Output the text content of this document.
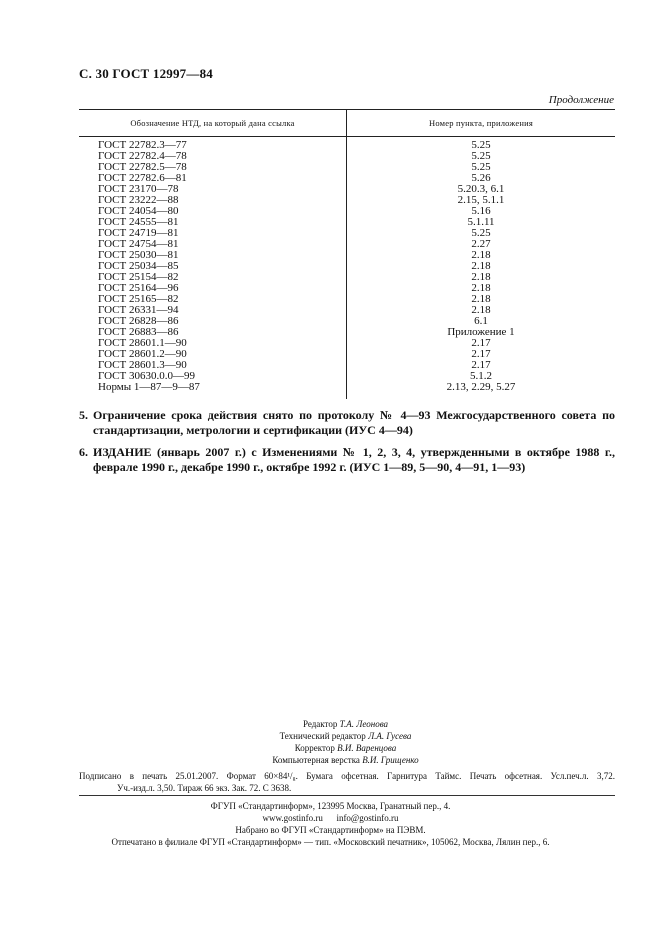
С. 30 ГОСТ 12997—84
Продолжение
Обозначение НТД, на который дана ссылка	Номер пункта, приложения

ГОСТ 22782.3—77	5.25
ГОСТ 22782.4—78	5.25
ГОСТ 22782.5—78	5.25
ГОСТ 22782.6—81	5.26
ГОСТ 23170—78	5.20.3, 6.1
ГОСТ 23222—88	2.15, 5.1.1
ГОСТ 24054—80	5.16
ГОСТ 24555—81	5.1.11
ГОСТ 24719—81	5.25
ГОСТ 24754—81	2.27
ГОСТ 25030—81	2.18
ГОСТ 25034—85	2.18
ГОСТ 25154—82	2.18
ГОСТ 25164—96	2.18
ГОСТ 25165—82	2.18
ГОСТ 26331—94	2.18
ГОСТ 26828—86	6.1
ГОСТ 26883—86	Приложение 1
ГОСТ 28601.1—90	2.17
ГОСТ 28601.2—90	2.17
ГОСТ 28601.3—90	2.17
ГОСТ 30630.0.0—99	5.1.2
Нормы 1—87—9—87	2.13, 2.29, 5.27
5. Ограничение срока действия снято по протоколу № 4—93 Межгосударственного совета по стандартизации, метрологии и сертификации (ИУС 4—94)
6. ИЗДАНИЕ (январь 2007 г.) с Изменениями № 1, 2, 3, 4, утвержденными в октябре 1988 г., феврале 1990 г., декабре 1990 г., октябре 1992 г. (ИУС 1—89, 5—90, 4—91, 1—93)
Редактор Т.А. Леонова
Технический редактор Л.А. Гусева
Корректор В.И. Варенцова
Компьютерная верстка В.И. Грищенко
Подписано в печать 25.01.2007. Формат 60×84¹/₈. Бумага офсетная. Гарнитура Таймс. Печать офсетная. Усл.печ.л. 3,72.
Уч.-изд.л. 3,50. Тираж 66 экз. Зак. 72. С 3638.
ФГУП «Стандартинформ», 123995 Москва, Гранатный пер., 4.
www.gostinfo.ru info@gostinfo.ru
Набрано во ФГУП «Стандартинформ» на ПЭВМ.
Отпечатано в филиале ФГУП «Стандартинформ» — тип. «Московский печатник», 105062, Москва, Лялин пер., 6.
